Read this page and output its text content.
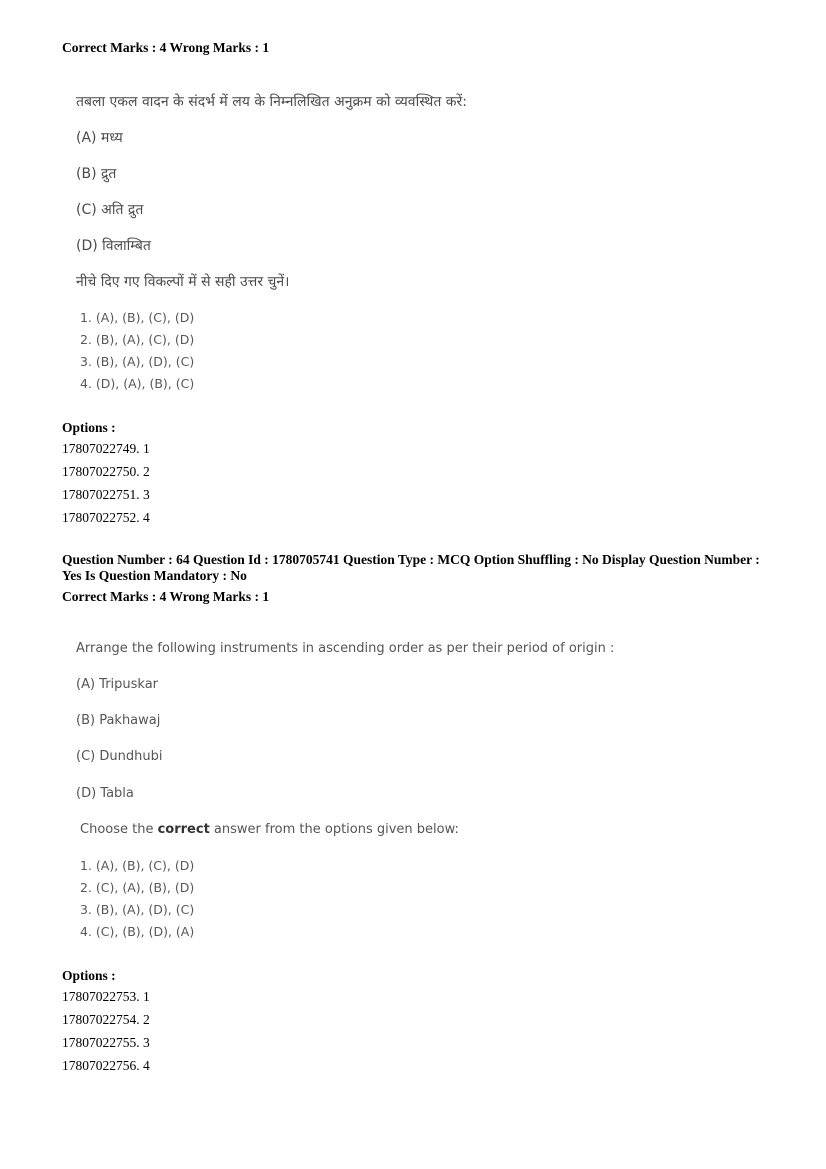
Correct Marks : 4 Wrong Marks : 1
तबला एकल वादन के संदर्भ में लय के निम्नलिखित अनुक्रम को व्यवस्थित करें:
(A) मध्य
(B) द्रुत
(C) अति द्रुत
(D) विलाम्बित
नीचे दिए गए विकल्पों में से सही उत्तर चुनें।
1. (A), (B), (C), (D)
2. (B), (A), (C), (D)
3. (B), (A), (D), (C)
4. (D), (A), (B), (C)
Options :
17807022749. 1
17807022750. 2
17807022751. 3
17807022752. 4
Question Number : 64 Question Id : 1780705741 Question Type : MCQ Option Shuffling : No Display Question Number : Yes Is Question Mandatory : No
Correct Marks : 4 Wrong Marks : 1
Arrange the following instruments in ascending order as per their period of origin :
(A) Tripuskar
(B) Pakhawaj
(C) Dundhubi
(D) Tabla
Choose the correct answer from the options given below:
1. (A), (B), (C), (D)
2. (C), (A), (B), (D)
3. (B), (A), (D), (C)
4. (C), (B), (D), (A)
Options :
17807022753. 1
17807022754. 2
17807022755. 3
17807022756. 4
